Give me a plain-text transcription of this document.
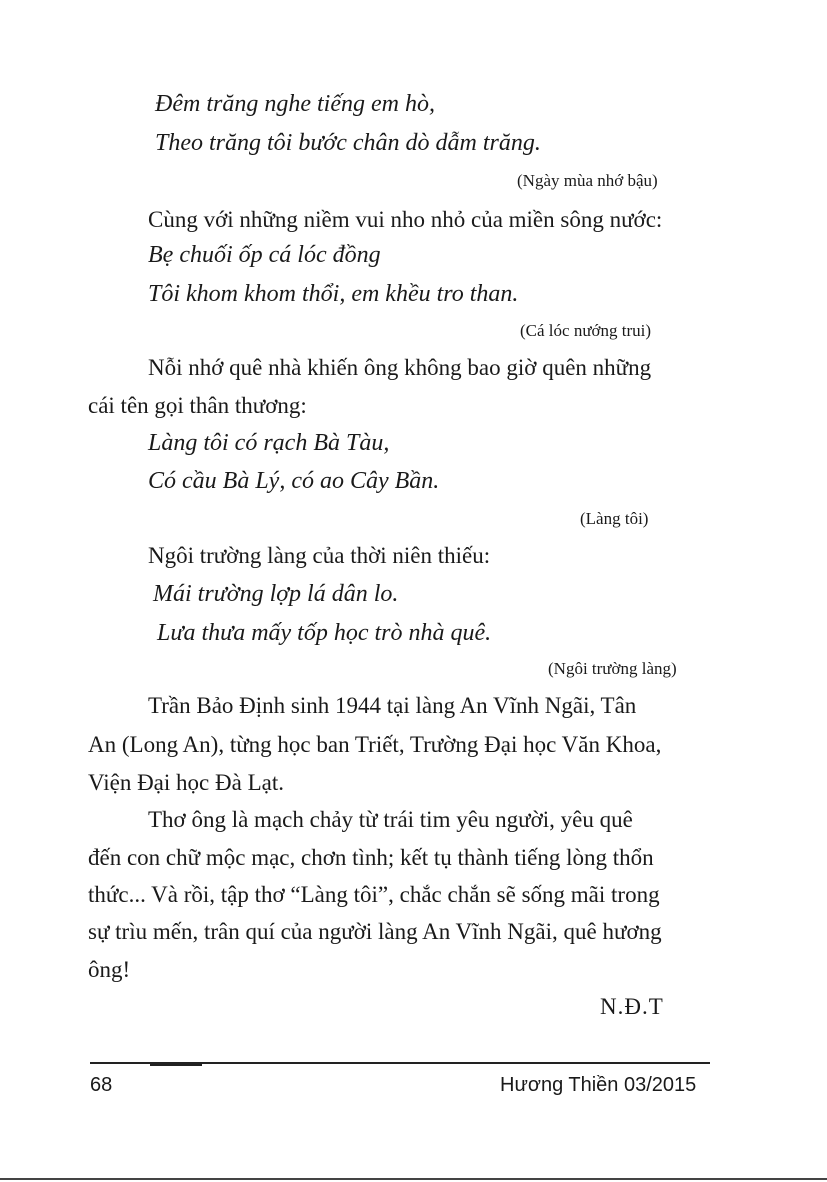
Đêm trăng nghe tiếng em hò,
Theo trăng tôi bước chân dò dẫm trăng.
(Ngày mùa nhớ bậu)
Cùng với những niềm vui nho nhỏ của miền sông nước:
Bẹ chuối ốp cá lóc đồng
Tôi khom khom thổi, em khều tro than.
(Cá lóc nướng trui)
Nỗi nhớ quê nhà khiến ông không bao giờ quên những
cái tên gọi thân thương:
Làng tôi có rạch Bà Tàu,
Có cầu Bà Lý, có ao Cây Bần.
(Làng tôi)
Ngôi trường làng của thời niên thiếu:
Mái trường lợp lá dân lo.
Lưa thưa mấy tốp học trò nhà quê.
(Ngôi trường làng)
Trần Bảo Định sinh 1944 tại làng An Vĩnh Ngãi, Tân
An (Long An), từng học ban Triết, Trường Đại học Văn Khoa,
Viện Đại học Đà Lạt.
Thơ ông là mạch chảy từ trái tim yêu người, yêu quê
đến con chữ mộc mạc, chơn tình; kết tụ thành tiếng lòng thổn
thức... Và rồi, tập thơ “Làng tôi”, chắc chắn sẽ sống mãi trong
sự trìu mến, trân quí của người làng An Vĩnh Ngãi, quê hương
ông!
N.Đ.T
68	Hương Thiền 03/2015
